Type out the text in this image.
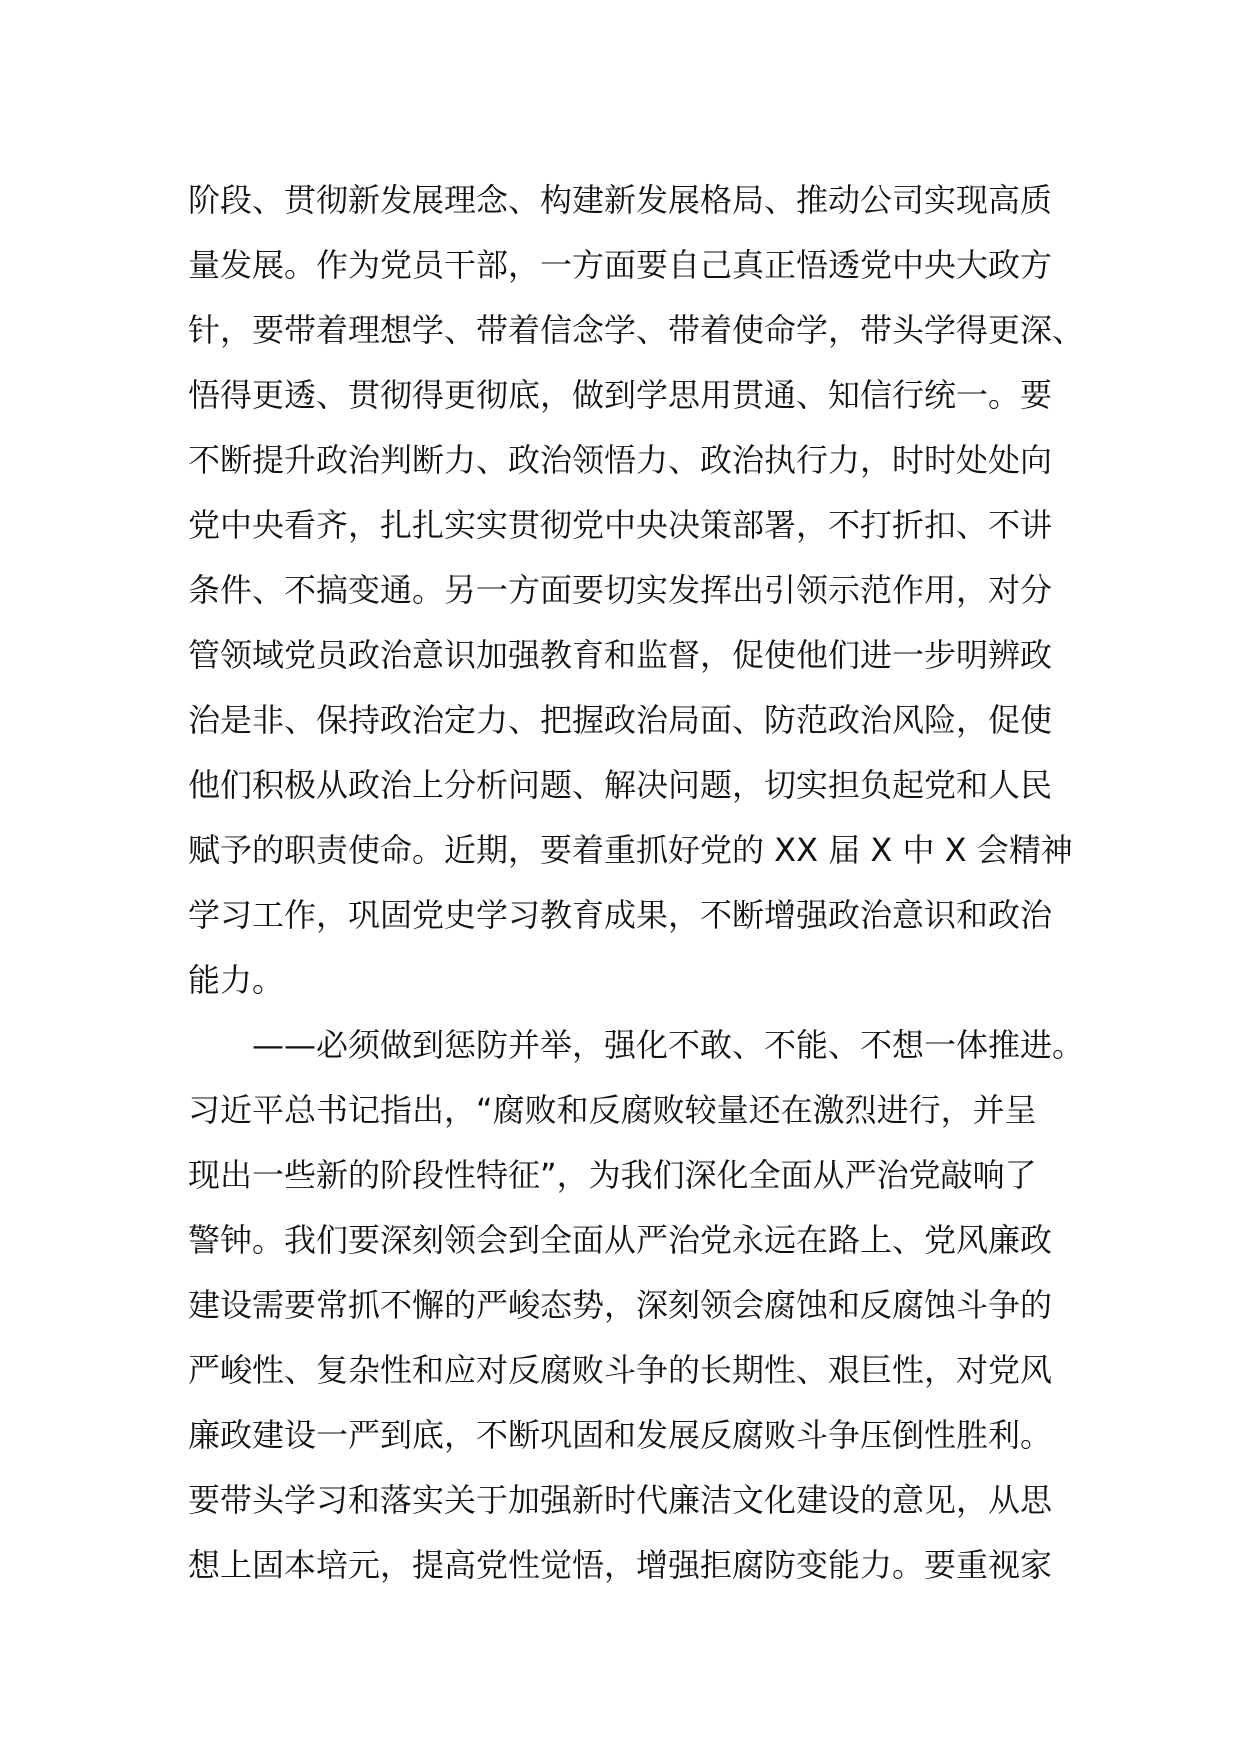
阶段、贯彻新发展理念、构建新发展格局、推动公司实现高质
量发展。作为党员干部，一方面要自己真正悟透党中央大政方
针，要带着理想学、带着信念学、带着使命学，带头学得更深、
悟得更透、贯彻得更彻底，做到学思用贯通、知信行统一。要
不断提升政治判断力、政治领悟力、政治执行力，时时处处向
党中央看齐，扎扎实实贯彻党中央决策部署，不打折扣、不讲
条件、不搞变通。另一方面要切实发挥出引领示范作用，对分
管领域党员政治意识加强教育和监督，促使他们进一步明辨政
治是非、保持政治定力、把握政治局面、防范政治风险，促使
他们积极从政治上分析问题、解决问题，切实担负起党和人民
赋予的职责使命。近期，要着重抓好党的 XX 届 X 中 X 会精神
学习工作，巩固党史学习教育成果，不断增强政治意识和政治
能力。
——必须做到惩防并举，强化不敢、不能、不想一体推进。
习近平总书记指出，“腐败和反腐败较量还在激烈进行，并呈
现出一些新的阶段性特征”，为我们深化全面从严治党敲响了
警钟。我们要深刻领会到全面从严治党永远在路上、党风廉政
建设需要常抓不懈的严峻态势，深刻领会腐蚀和反腐蚀斗争的
严峻性、复杂性和应对反腐败斗争的长期性、艰巨性，对党风
廉政建设一严到底，不断巩固和发展反腐败斗争压倒性胜利。
要带头学习和落实关于加强新时代廉洁文化建设的意见，从思
想上固本培元，提高党性觉悟，增强拒腐防变能力。要重视家
